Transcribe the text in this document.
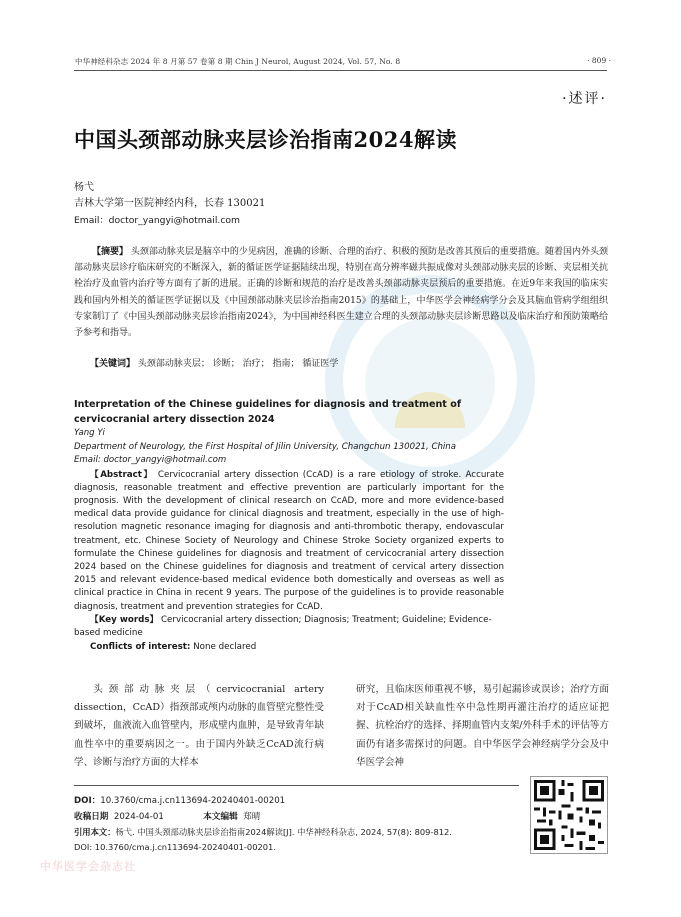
中华神经科杂志 2024 年 8 月第 57 卷第 8 期 Chin J Neurol, August 2024, Vol. 57, No. 8	· 809 ·
·述评·
中国头颈部动脉夹层诊治指南2024解读
杨弋
吉林大学第一医院神经内科，长春 130021
Email：doctor_yangyi@hotmail.com
【摘要】 头颈部动脉夹层是脑卒中的少见病因，准确的诊断、合理的治疗、积极的预防是改善其预后的重要措施。随着国内外头颈部动脉夹层诊疗临床研究的不断深入，新的循证医学证据陆续出现，特别在高分辨率磁共振成像对头颈部动脉夹层的诊断、夹层相关抗栓治疗及血管内治疗等方面有了新的进展。正确的诊断和规范的治疗是改善头颈部动脉夹层预后的重要措施。在近9年来我国的临床实践和国内外相关的循证医学证据以及《中国颈部动脉夹层诊治指南2015》的基础上，中华医学会神经病学分会及其脑血管病学组组织专家制订了《中国头颈部动脉夹层诊治指南2024》，为中国神经科医生建立合理的头颈部动脉夹层诊断思路以及临床治疗和预防策略给予参考和指导。
【关键词】 头颈部动脉夹层； 诊断； 治疗； 指南； 循证医学
Interpretation of the Chinese guidelines for diagnosis and treatment of cervicocranial artery dissection 2024
Yang Yi
Department of Neurology, the First Hospital of Jilin University, Changchun 130021, China
Email: doctor_yangyi@hotmail.com
【Abstract】 Cervicocranial artery dissection (CcAD) is a rare etiology of stroke. Accurate diagnosis, reasonable treatment and effective prevention are particularly important for the prognosis. With the development of clinical research on CcAD, more and more evidence-based medical data provide guidance for clinical diagnosis and treatment, especially in the use of high-resolution magnetic resonance imaging for diagnosis and anti-thrombotic therapy, endovascular treatment, etc. Chinese Society of Neurology and Chinese Stroke Society organized experts to formulate the Chinese guidelines for diagnosis and treatment of cervicocranial artery dissection 2024 based on the Chinese guidelines for diagnosis and treatment of cervical artery dissection 2015 and relevant evidence-based medical evidence both domestically and overseas as well as clinical practice in China in recent 9 years. The purpose of the guidelines is to provide reasonable diagnosis, treatment and prevention strategies for CcAD.
【Key words】 Cervicocranial artery dissection; Diagnosis; Treatment; Guideline; Evidence-based medicine
Conflicts of interest: None declared
头颈部动脉夹层（cervicocranial artery dissection，CcAD）指颈部或颅内动脉的血管壁完整性受到破坏，血液流入血管壁内，形成壁内血肿，是导致青年缺血性卒中的重要病因之一。由于国内外缺乏CcAD流行病学、诊断与治疗方面的大样本
研究，且临床医师重视不够，易引起漏诊或误诊；治疗方面对于CcAD相关缺血性卒中急性期再灌注治疗的适应证把握、抗栓治疗的选择、择期血管内支架/外科手术的评估等方面仍有诸多需探讨的问题。自中华医学会神经病学分会及中华医学会神
DOI：10.3760/cma.j.cn113694-20240401-00201
收稿日期 2024-04-01	本文编辑 郑晴
引用本文：杨弋. 中国头颈部动脉夹层诊治指南2024解读[J]. 中华神经科杂志, 2024, 57(8): 809-812.
DOI: 10.3760/cma.j.cn113694-20240401-00201.
中华医学会杂志社
